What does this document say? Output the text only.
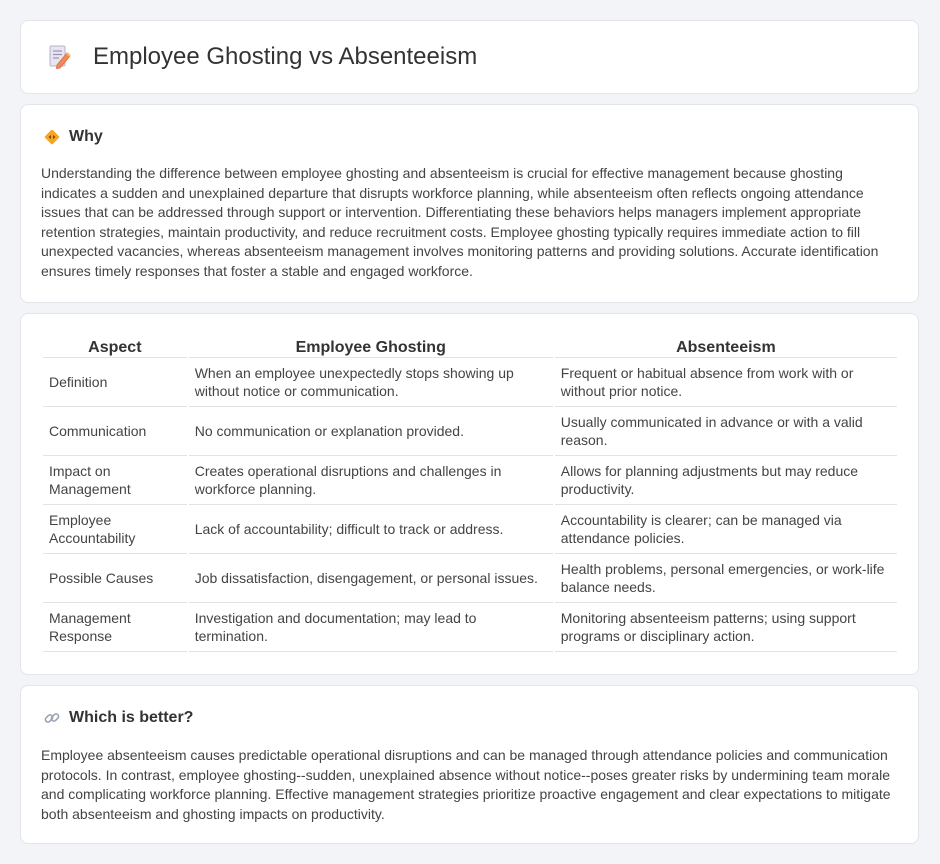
Employee Ghosting vs Absenteeism
Why

Understanding the difference between employee ghosting and absenteeism is crucial for effective management because ghosting indicates a sudden and unexplained departure that disrupts workforce planning, while absenteeism often reflects ongoing attendance issues that can be addressed through support or intervention. Differentiating these behaviors helps managers implement appropriate retention strategies, maintain productivity, and reduce recruitment costs. Employee ghosting typically requires immediate action to fill unexpected vacancies, whereas absenteeism management involves monitoring patterns and providing solutions. Accurate identification ensures timely responses that foster a stable and engaged workforce.

Aspect	Employee Ghosting	Absenteeism
Definition	When an employee unexpectedly stops showing up without notice or communication.	Frequent or habitual absence from work with or without prior notice.
Communication	No communication or explanation provided.	Usually communicated in advance or with a valid reason.
Impact on Management	Creates operational disruptions and challenges in workforce planning.	Allows for planning adjustments but may reduce productivity.
Employee Accountability	Lack of accountability; difficult to track or address.	Accountability is clearer; can be managed via attendance policies.
Possible Causes	Job dissatisfaction, disengagement, or personal issues.	Health problems, personal emergencies, or work-life balance needs.
Management Response	Investigation and documentation; may lead to termination.	Monitoring absenteeism patterns; using support programs or disciplinary action.
Which is better?

Employee absenteeism causes predictable operational disruptions and can be managed through attendance policies and communication protocols. In contrast, employee ghosting--sudden, unexplained absence without notice--poses greater risks by undermining team morale and complicating workforce planning. Effective management strategies prioritize proactive engagement and clear expectations to mitigate both absenteeism and ghosting impacts on productivity.
